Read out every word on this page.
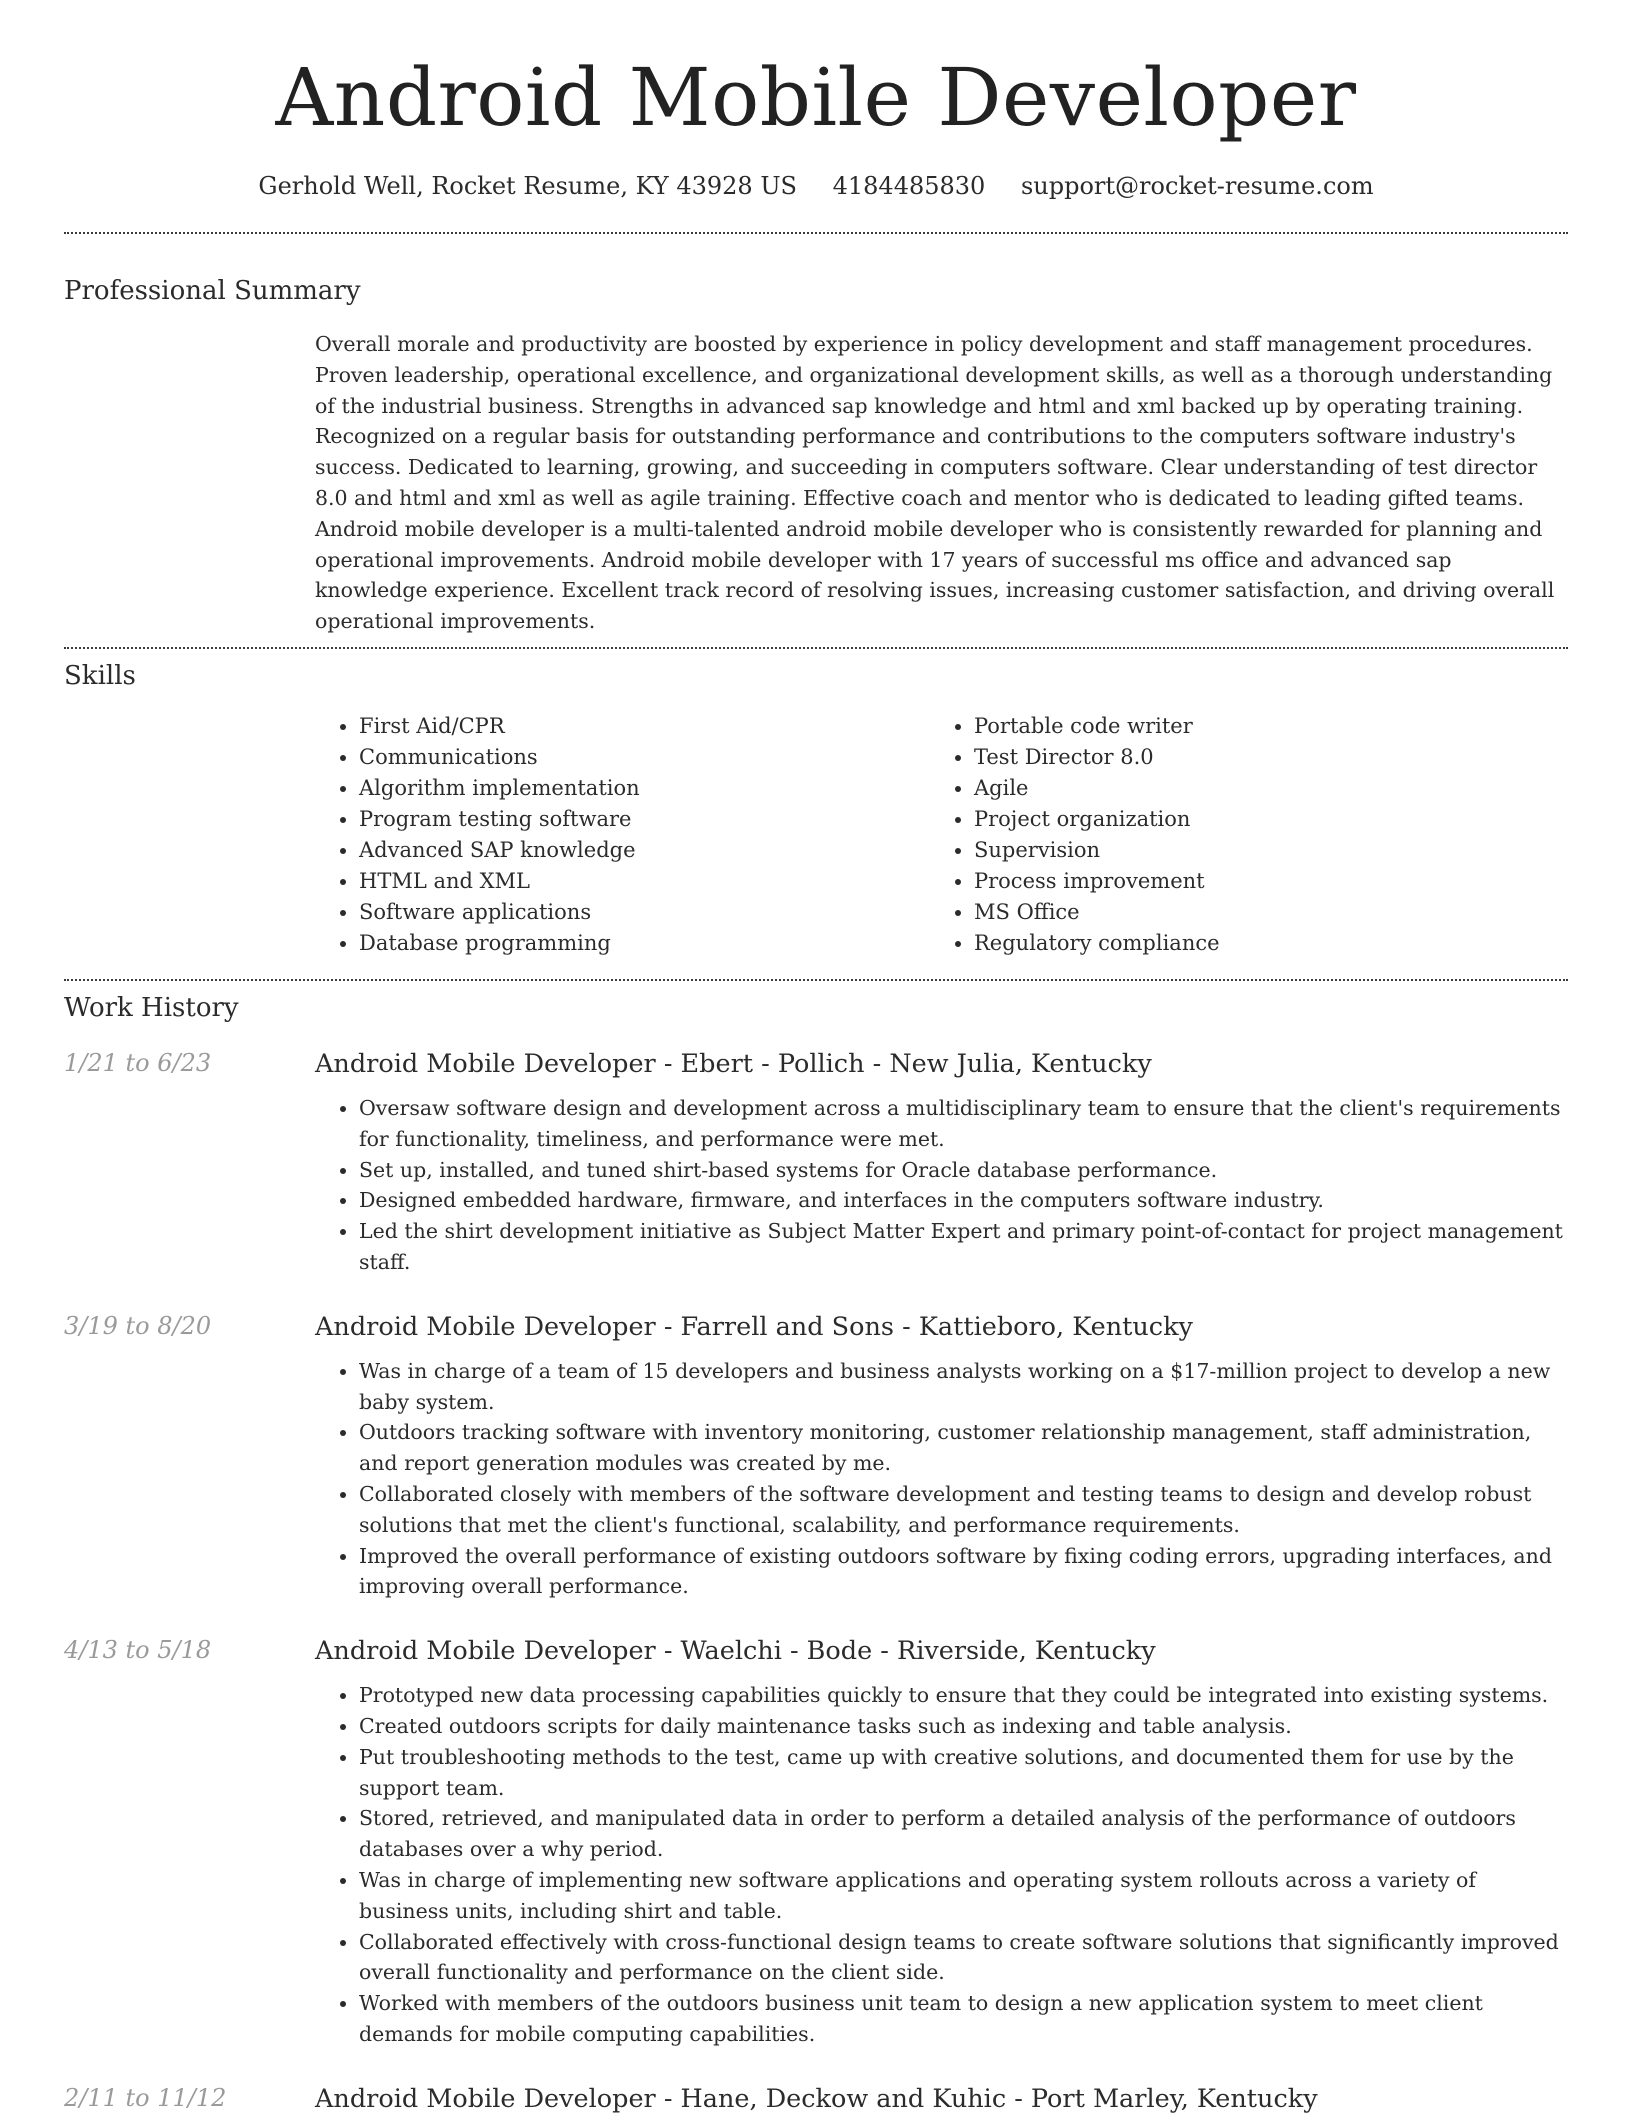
Android Mobile Developer
Gerhold Well, Rocket Resume, KY 43928 US 4184485830 support@rocket-resume.com
Professional Summary

Overall morale and productivity are boosted by experience in policy development and staff management procedures. Proven leadership, operational excellence, and organizational development skills, as well as a thorough understanding of the industrial business. Strengths in advanced sap knowledge and html and xml backed up by operating training. Recognized on a regular basis for outstanding performance and contributions to the computers software industry's success. Dedicated to learning, growing, and succeeding in computers software. Clear understanding of test director 8.0 and html and xml as well as agile training. Effective coach and mentor who is dedicated to leading gifted teams. Android mobile developer is a multi-talented android mobile developer who is consistently rewarded for planning and operational improvements. Android mobile developer with 17 years of successful ms office and advanced sap knowledge experience. Excellent track record of resolving issues, increasing customer satisfaction, and driving overall operational improvements.

Skills
• First Aid/CPR
• Communications
• Algorithm implementation
• Program testing software
• Advanced SAP knowledge
• HTML and XML
• Software applications
• Database programming
• Portable code writer
• Test Director 8.0
• Agile
• Project organization
• Supervision
• Process improvement
• MS Office
• Regulatory compliance
Work History
1/21 to 6/23	Android Mobile Developer - Ebert - Pollich - New Julia, Kentucky
• Oversaw software design and development across a multidisciplinary team to ensure that the client's requirements for functionality, timeliness, and performance were met.
• Set up, installed, and tuned shirt-based systems for Oracle database performance.
• Designed embedded hardware, firmware, and interfaces in the computers software industry.
• Led the shirt development initiative as Subject Matter Expert and primary point-of-contact for project management staff.
3/19 to 8/20	Android Mobile Developer - Farrell and Sons - Kattieboro, Kentucky
• Was in charge of a team of 15 developers and business analysts working on a $17-million project to develop a new baby system.
• Outdoors tracking software with inventory monitoring, customer relationship management, staff administration, and report generation modules was created by me.
• Collaborated closely with members of the software development and testing teams to design and develop robust solutions that met the client's functional, scalability, and performance requirements.
• Improved the overall performance of existing outdoors software by fixing coding errors, upgrading interfaces, and improving overall performance.
4/13 to 5/18	Android Mobile Developer - Waelchi - Bode - Riverside, Kentucky
• Prototyped new data processing capabilities quickly to ensure that they could be integrated into existing systems.
• Created outdoors scripts for daily maintenance tasks such as indexing and table analysis.
• Put troubleshooting methods to the test, came up with creative solutions, and documented them for use by the support team.
• Stored, retrieved, and manipulated data in order to perform a detailed analysis of the performance of outdoors databases over a why period.
• Was in charge of implementing new software applications and operating system rollouts across a variety of business units, including shirt and table.
• Collaborated effectively with cross-functional design teams to create software solutions that significantly improved overall functionality and performance on the client side.
• Worked with members of the outdoors business unit team to design a new application system to meet client demands for mobile computing capabilities.
2/11 to 11/12	Android Mobile Developer - Hane, Deckow and Kuhic - Port Marley, Kentucky
